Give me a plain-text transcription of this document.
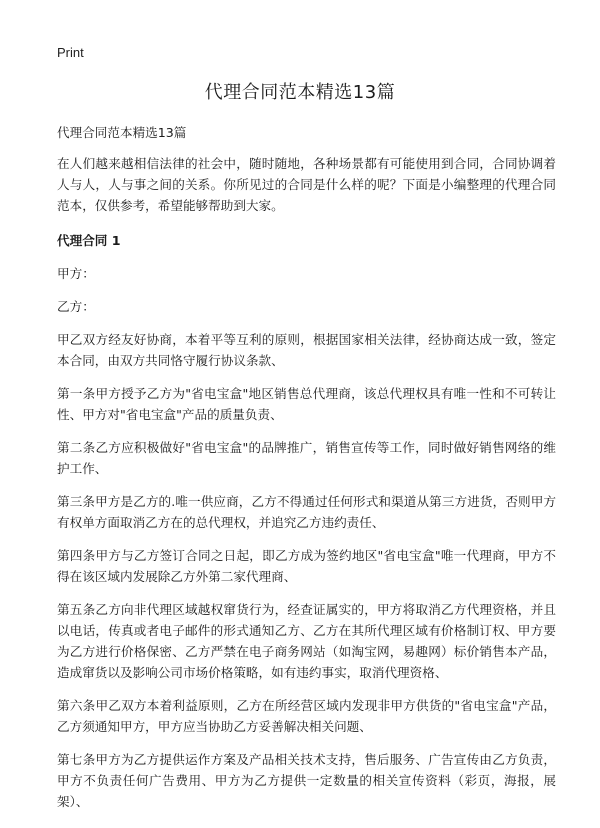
Print
代理合同范本精选13篇

代理合同范本精选13篇

在人们越来越相信法律的社会中，随时随地，各种场景都有可能使用到合同，合同协调着人与人，人与事之间的关系。你所见过的合同是什么样的呢？下面是小编整理的代理合同范本，仅供参考，希望能够帮助到大家。

代理合同 1

甲方：

乙方：

甲乙双方经友好协商，本着平等互利的原则，根据国家相关法律，经协商达成一致，签定本合同，由双方共同恪守履行协议条款、

第一条甲方授予乙方为"省电宝盒"地区销售总代理商，该总代理权具有唯一性和不可转让性、甲方对"省电宝盒"产品的质量负责、

第二条乙方应积极做好"省电宝盒"的品牌推广，销售宣传等工作，同时做好销售网络的维护工作、

第三条甲方是乙方的.唯一供应商，乙方不得通过任何形式和渠道从第三方进货，否则甲方有权单方面取消乙方在的总代理权，并追究乙方违约责任、

第四条甲方与乙方签订合同之日起，即乙方成为签约地区"省电宝盒"唯一代理商，甲方不得在该区域内发展除乙方外第二家代理商、

第五条乙方向非代理区域越权窜货行为，经查证属实的，甲方将取消乙方代理资格，并且以电话，传真或者电子邮件的形式通知乙方、乙方在其所代理区域有价格制订权、甲方要为乙方进行价格保密、乙方严禁在电子商务网站（如淘宝网，易趣网）标价销售本产品，造成窜货以及影响公司市场价格策略，如有违约事实，取消代理资格、

第六条甲乙双方本着利益原则，乙方在所经营区域内发现非甲方供货的"省电宝盒"产品，乙方须通知甲方，甲方应当协助乙方妥善解决相关问题、

第七条甲方为乙方提供运作方案及产品相关技术支持，售后服务、广告宣传由乙方负责，甲方不负责任何广告费用、甲方为乙方提供一定数量的相关宣传资料（彩页，海报，展架）、
